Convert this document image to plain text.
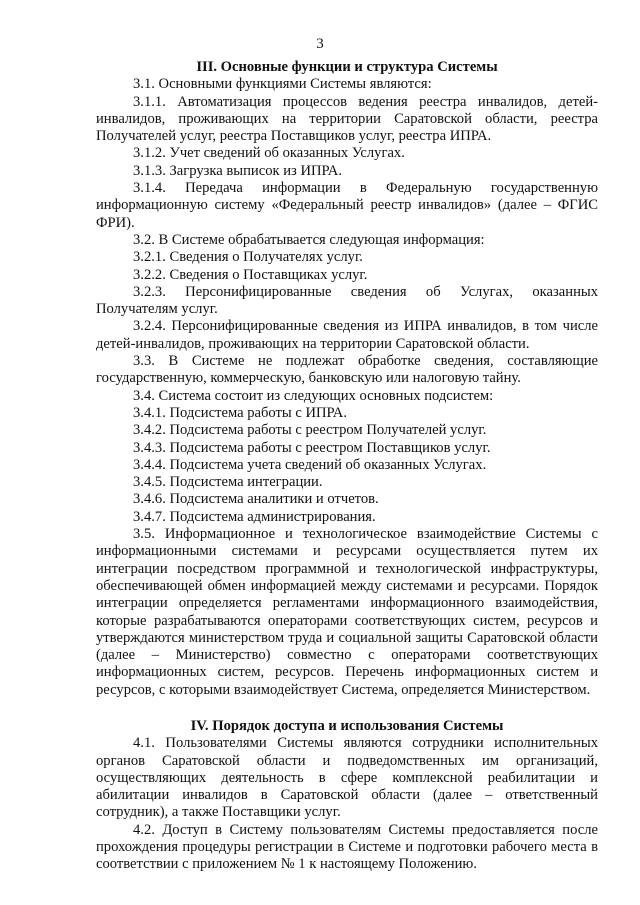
3

III. Основные функции и структура Системы

3.1. Основными функциями Системы являются:

3.1.1. Автоматизация процессов ведения реестра инвалидов, детей-инвалидов, проживающих на территории Саратовской области, реестра Получателей услуг, реестра Поставщиков услуг, реестра ИПРА.

3.1.2. Учет сведений об оказанных Услугах.

3.1.3. Загрузка выписок из ИПРА.

3.1.4. Передача информации в Федеральную государственную информационную систему «Федеральный реестр инвалидов» (далее – ФГИС ФРИ).

3.2. В Системе обрабатывается следующая информация:

3.2.1. Сведения о Получателях услуг.

3.2.2. Сведения о Поставщиках услуг.

3.2.3. Персонифицированные сведения об Услугах, оказанных Получателям услуг.

3.2.4. Персонифицированные сведения из ИПРА инвалидов, в том числе детей-инвалидов, проживающих на территории Саратовской области.

3.3. В Системе не подлежат обработке сведения, составляющие государственную, коммерческую, банковскую или налоговую тайну.

3.4. Система состоит из следующих основных подсистем:

3.4.1. Подсистема работы с ИПРА.

3.4.2. Подсистема работы с реестром Получателей услуг.

3.4.3. Подсистема работы с реестром Поставщиков услуг.

3.4.4. Подсистема учета сведений об оказанных Услугах.

3.4.5. Подсистема интеграции.

3.4.6. Подсистема аналитики и отчетов.

3.4.7. Подсистема администрирования.

3.5. Информационное и технологическое взаимодействие Системы с информационными системами и ресурсами осуществляется путем их интеграции посредством программной и технологической инфраструктуры, обеспечивающей обмен информацией между системами и ресурсами. Порядок интеграции определяется регламентами информационного взаимодействия, которые разрабатываются операторами соответствующих систем, ресурсов и утверждаются министерством труда и социальной защиты Саратовской области (далее – Министерство) совместно с операторами соответствующих информационных систем, ресурсов. Перечень информационных систем и ресурсов, с которыми взаимодействует Система, определяется Министерством.

IV. Порядок доступа и использования Системы

4.1. Пользователями Системы являются сотрудники исполнительных органов Саратовской области и подведомственных им организаций, осуществляющих деятельность в сфере комплексной реабилитации и абилитации инвалидов в Саратовской области (далее – ответственный сотрудник), а также Поставщики услуг.

4.2. Доступ в Систему пользователям Системы предоставляется после прохождения процедуры регистрации в Системе и подготовки рабочего места в соответствии с приложением № 1 к настоящему Положению.
